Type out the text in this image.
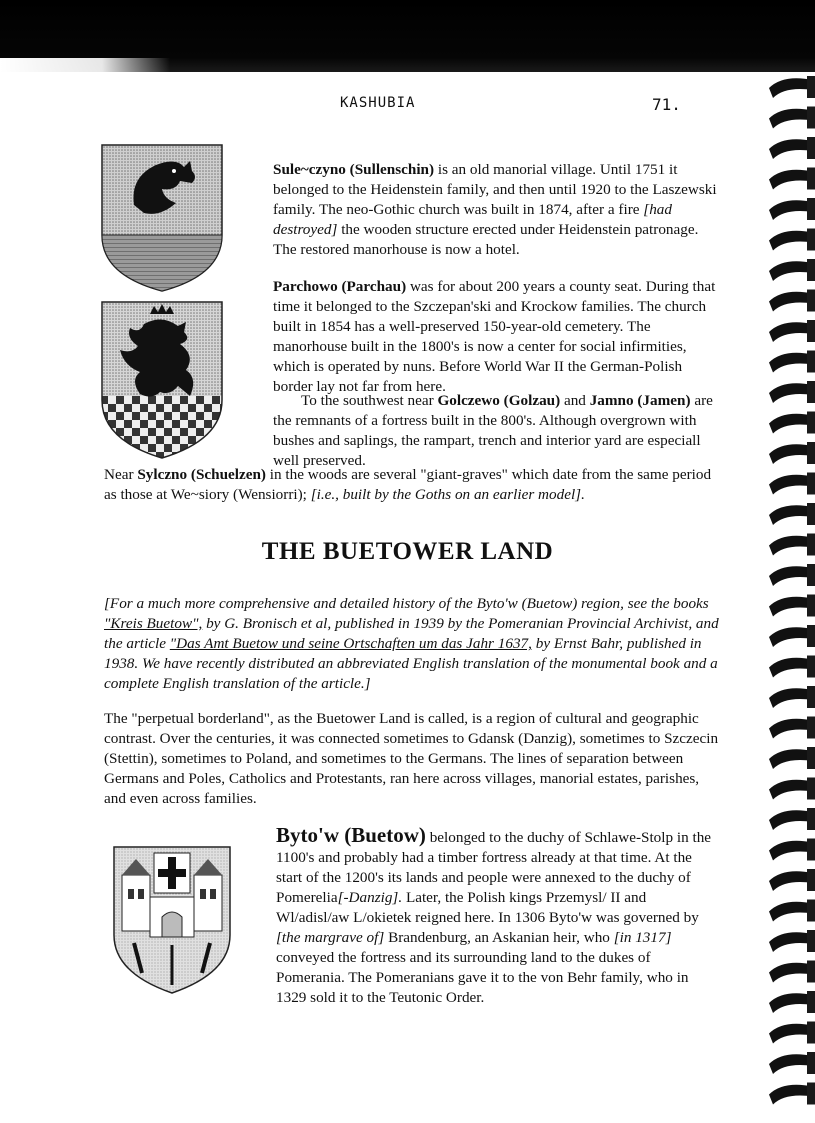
KASHUBIA	71.

Sule~czyno (Sullenschin) is an old manorial village. Until 1751 it belonged to the Heidenstein family, and then until 1920 to the Laszewski family. The neo-Gothic church was built in 1874, after a fire [had destroyed] the wooden structure erected under Heidenstein patronage. The restored manorhouse is now a hotel.

Parchowo (Parchau) was for about 200 years a county seat. During that time it belonged to the Szczepan'ski and Krockow families. The church built in 1854 has a well-preserved 150-year-old cemetery. The manorhouse built in the 1800's is now a center for social infirmities, which is operated by nuns. Before World War II the German-Polish border lay not far from here.

To the southwest near Golczewo (Golzau) and Jamno (Jamen) are the remnants of a fortress built in the 800's. Although overgrown with bushes and saplings, the rampart, trench and interior yard are especiall well preserved.

Near Sylczno (Schuelzen) in the woods are several "giant-graves" which date from the same period as those at We~siory (Wensiorri); [i.e., built by the Goths on an earlier model].

THE BUETOWER LAND

[For a much more comprehensive and detailed history of the Byto'w (Buetow) region, see the books "Kreis Buetow", by G. Bronisch et al, published in 1939 by the Pomeranian Provincial Archivist, and the article "Das Amt Buetow und seine Ortschaften um das Jahr 1637, by Ernst Bahr, published in 1938. We have recently distributed an abbreviated English translation of the monumental book and a complete English translation of the article.]

The "perpetual borderland", as the Buetower Land is called, is a region of cultural and geographic contrast. Over the centuries, it was connected sometimes to Gdansk (Danzig), sometimes to Szczecin (Stettin), sometimes to Poland, and sometimes to the Germans. The lines of separation between Germans and Poles, Catholics and Protestants, ran here across villages, manorial estates, parishes, and even across families.

Byto'w (Buetow) belonged to the duchy of Schlawe-Stolp in the 1100's and probably had a timber fortress already at that time. At the start of the 1200's its lands and people were annexed to the duchy of Pomerelia[-Danzig]. Later, the Polish kings Przemysl/ II and Wl/adisl/aw L/okietek reigned here. In 1306 Byto'w was governed by [the margrave of] Brandenburg, an Askanian heir, who [in 1317] conveyed the fortress and its surrounding land to the dukes of Pomerania. The Pomeranians gave it to the von Behr family, who in 1329 sold it to the Teutonic Order.
